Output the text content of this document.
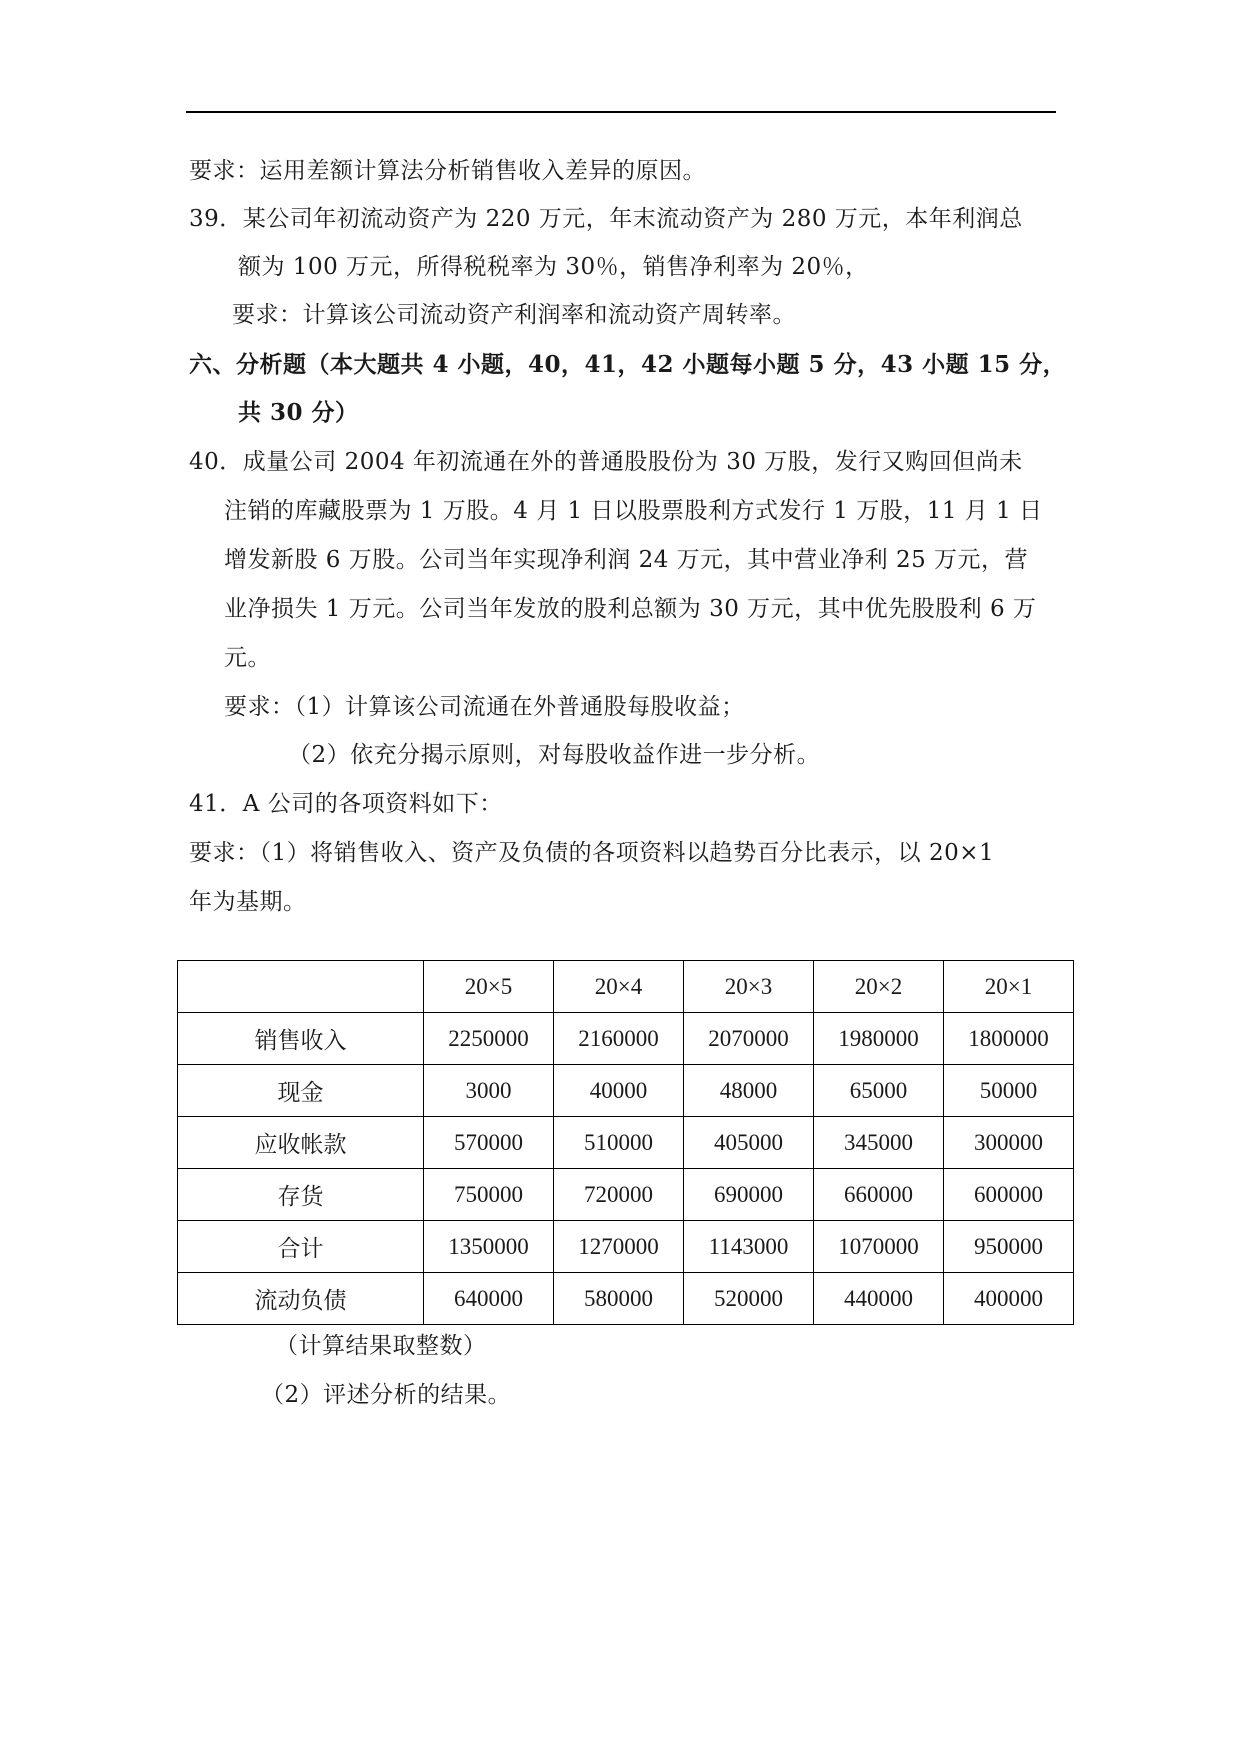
要求：运用差额计算法分析销售收入差异的原因。
39．某公司年初流动资产为 220 万元，年末流动资产为 280 万元，本年利润总
额为 100 万元，所得税税率为 30％，销售净利率为 20％，
要求：计算该公司流动资产利润率和流动资产周转率。
六、分析题（本大题共 4 小题，40，41，42 小题每小题 5 分，43 小题 15 分，
共 30 分）
40．成量公司 2004 年初流通在外的普通股股份为 30 万股，发行又购回但尚未
注销的库藏股票为 1 万股。4 月 1 日以股票股利方式发行 1 万股，11 月 1 日
增发新股 6 万股。公司当年实现净利润 24 万元，其中营业净利 25 万元，营
业净损失 1 万元。公司当年发放的股利总额为 30 万元，其中优先股股利 6 万
元。
要求：（1）计算该公司流通在外普通股每股收益；
（2）依充分揭示原则，对每股收益作进一步分析。
41．A 公司的各项资料如下：
要求：（1）将销售收入、资产及负债的各项资料以趋势百分比表示，以 20×1
年为基期。
	20×5	20×4	20×3	20×2	20×1
销售收入	2250000	2160000	2070000	1980000	1800000
现金	3000	40000	48000	65000	50000
应收帐款	570000	510000	405000	345000	300000
存货	750000	720000	690000	660000	600000
合计	1350000	1270000	1143000	1070000	950000
流动负债	640000	580000	520000	440000	400000
（计算结果取整数）
（2）评述分析的结果。
